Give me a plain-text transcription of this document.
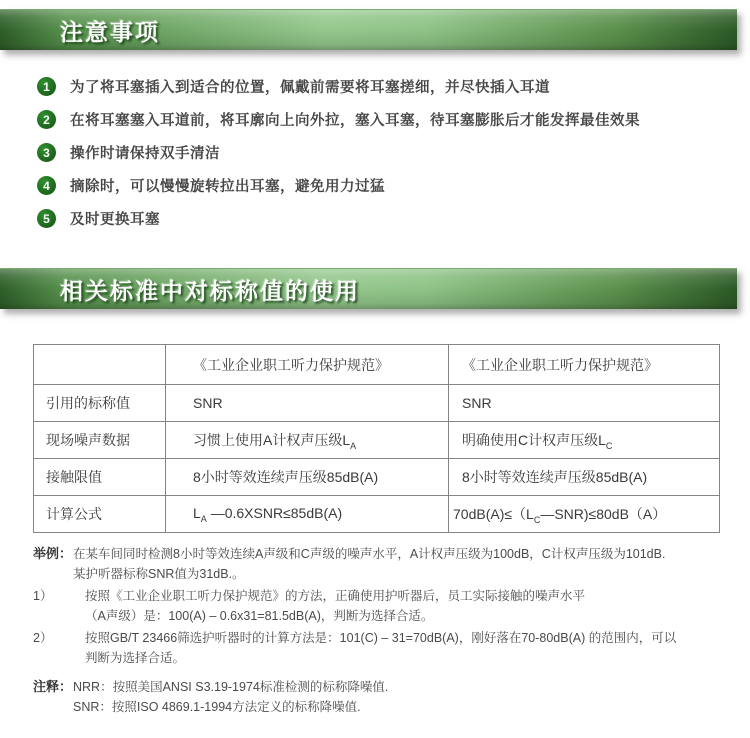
注意事项
1	为了将耳塞插入到适合的位置，佩戴前需要将耳塞搓细，并尽快插入耳道
2	在将耳塞塞入耳道前，将耳廓向上向外拉，塞入耳塞，待耳塞膨胀后才能发挥最佳效果
3	操作时请保持双手清洁
4	摘除时，可以慢慢旋转拉出耳塞，避免用力过猛
5	及时更换耳塞
相关标准中对标称值的使用
	《工业企业职工听力保护规范》	《工业企业职工听力保护规范》
引用的标称值	SNR	SNR
现场噪声数据	习惯上使用A计权声压级$L_A$	明确使用C计权声压级$L_C$
接触限值	8小时等效连续声压级85dB(A)	8小时等效连续声压级85dB(A)
计算公式	$L_A$ —0.6XSNR≤85dB(A)	$70dB(A)\le(L_C—SNR)\le 80dB(A)$
举例： 在某车间同时检测8小时等效连续A声级和C声级的噪声水平，A计权声压级为100dB，C计权声压级为101dB.
某护听器标称SNR值为31dB.。
1）	按照《工业企业职工听力保护规范》的方法，正确使用护听器后，员工实际接触的噪声水平
（A声级）是：100(A) – 0.6x31=81.5dB(A)，判断为选择合适。
2）	按照GB/T 23466筛选护听器时的计算方法是：101(C) – 31=70dB(A)，刚好落在70-80dB(A) 的范围内，可以
判断为选择合适。
注释： NRR：按照美国ANSI S3.19-1974标准检测的标称降噪值.
SNR：按照ISO 4869.1-1994方法定义的标称降噪值.
